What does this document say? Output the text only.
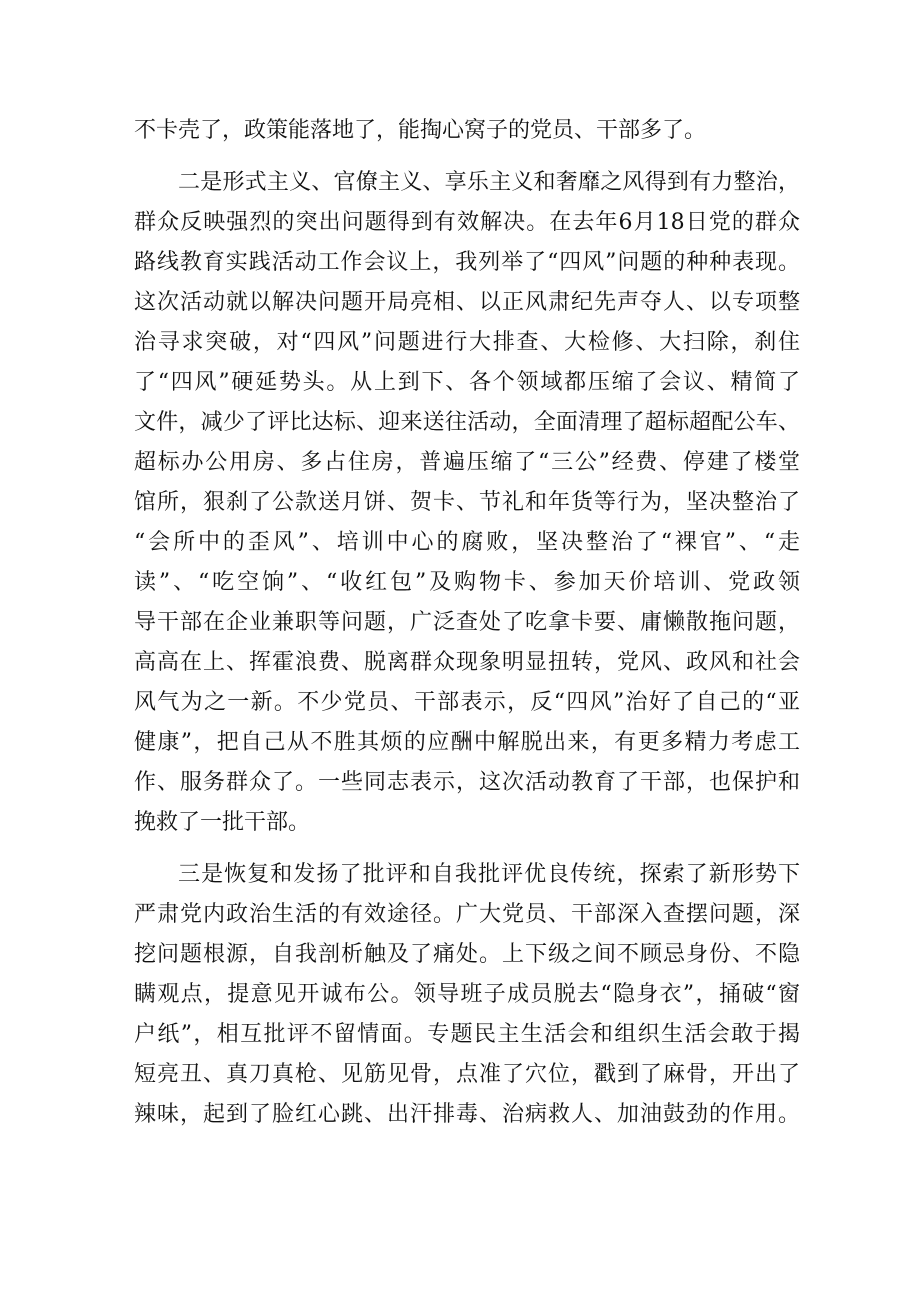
不卡壳了，政策能落地了，能掏心窝子的党员、干部多了。
二是形式主义、官僚主义、享乐主义和奢靡之风得到有力整治，
群众反映强烈的突出问题得到有效解决。在去年6月18日党的群众
路线教育实践活动工作会议上，我列举了“四风”问题的种种表现。
这次活动就以解决问题开局亮相、以正风肃纪先声夺人、以专项整
治寻求突破，对“四风”问题进行大排查、大检修、大扫除，刹住
了“四风”硬延势头。从上到下、各个领域都压缩了会议、精简了
文件，减少了评比达标、迎来送往活动，全面清理了超标超配公车、
超标办公用房、多占住房，普遍压缩了“三公”经费、停建了楼堂
馆所，狠刹了公款送月饼、贺卡、节礼和年货等行为，坚决整治了
“会所中的歪风”、培训中心的腐败，坚决整治了“裸官”、“走
读”、“吃空饷”、“收红包”及购物卡、参加天价培训、党政领
导干部在企业兼职等问题，广泛查处了吃拿卡要、庸懒散拖问题，
高高在上、挥霍浪费、脱离群众现象明显扭转，党风、政风和社会
风气为之一新。不少党员、干部表示，反“四风”治好了自己的“亚
健康”，把自己从不胜其烦的应酬中解脱出来，有更多精力考虑工
作、服务群众了。一些同志表示，这次活动教育了干部，也保护和
挽救了一批干部。
三是恢复和发扬了批评和自我批评优良传统，探索了新形势下
严肃党内政治生活的有效途径。广大党员、干部深入查摆问题，深
挖问题根源，自我剖析触及了痛处。上下级之间不顾忌身份、不隐
瞒观点，提意见开诚布公。领导班子成员脱去“隐身衣”，捅破“窗
户纸”，相互批评不留情面。专题民主生活会和组织生活会敢于揭
短亮丑、真刀真枪、见筋见骨，点准了穴位，戳到了麻骨，开出了
辣味，起到了脸红心跳、出汗排毒、治病救人、加油鼓劲的作用。
